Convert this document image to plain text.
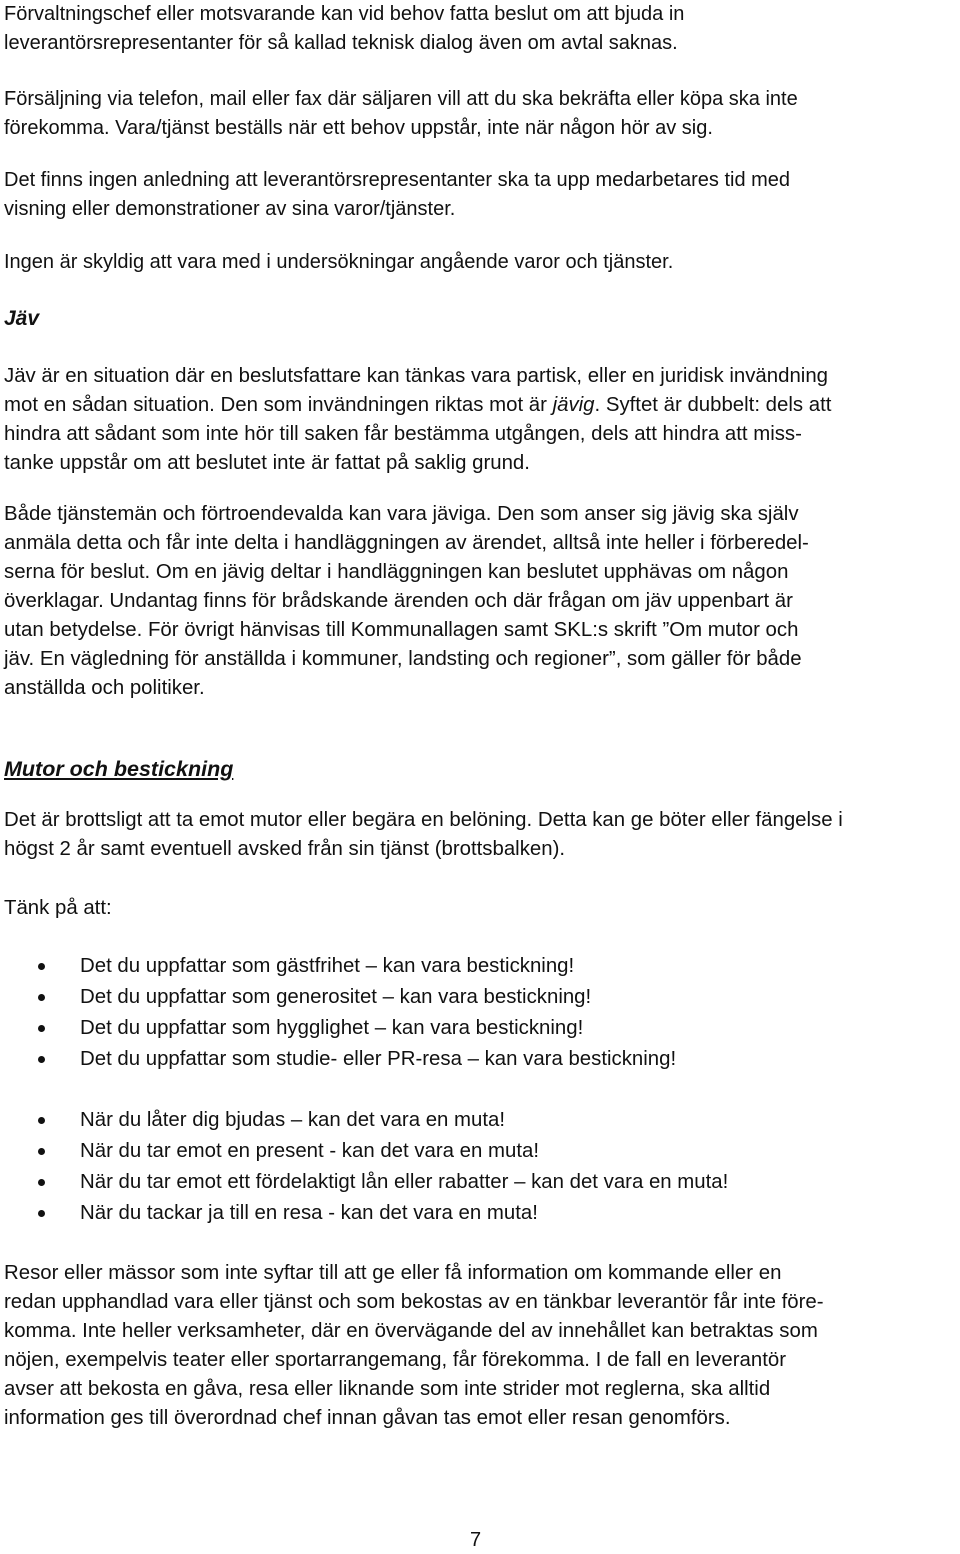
Förvaltningschef eller motsvarande kan vid behov fatta beslut om att bjuda in
leverantörsrepresentanter för så kallad teknisk dialog även om avtal saknas.

Försäljning via telefon, mail eller fax där säljaren vill att du ska bekräfta eller köpa ska inte
förekomma. Vara/tjänst beställs när ett behov uppstår, inte när någon hör av sig.

Det finns ingen anledning att leverantörsrepresentanter ska ta upp medarbetares tid med
visning eller demonstrationer av sina varor/tjänster.

Ingen är skyldig att vara med i undersökningar angående varor och tjänster.

Jäv

Jäv är en situation där en beslutsfattare kan tänkas vara partisk, eller en juridisk invändning
mot en sådan situation. Den som invändningen riktas mot är jävig. Syftet är dubbelt: dels att
hindra att sådant som inte hör till saken får bestämma utgången, dels att hindra att miss-
tanke uppstår om att beslutet inte är fattat på saklig grund.

Både tjänstemän och förtroendevalda kan vara jäviga. Den som anser sig jävig ska själv
anmäla detta och får inte delta i handläggningen av ärendet, alltså inte heller i förberedel-
serna för beslut. Om en jävig deltar i handläggningen kan beslutet upphävas om någon
överklagar. Undantag finns för brådskande ärenden och där frågan om jäv uppenbart är
utan betydelse. För övrigt hänvisas till Kommunallagen samt SKL:s skrift ”Om mutor och
jäv. En vägledning för anställda i kommuner, landsting och regioner”, som gäller för både
anställda och politiker.

Mutor och bestickning

Det är brottsligt att ta emot mutor eller begära en belöning. Detta kan ge böter eller fängelse i
högst 2 år samt eventuell avsked från sin tjänst (brottsbalken).

Tänk på att:

Det du uppfattar som gästfrihet – kan vara bestickning!
Det du uppfattar som generositet – kan vara bestickning!
Det du uppfattar som hygglighet – kan vara bestickning!
Det du uppfattar som studie- eller PR-resa – kan vara bestickning!
När du låter dig bjudas – kan det vara en muta!
När du tar emot en present - kan det vara en muta!
När du tar emot ett fördelaktigt lån eller rabatter – kan det vara en muta!
När du tackar ja till en resa - kan det vara en muta!

Resor eller mässor som inte syftar till att ge eller få information om kommande eller en
redan upphandlad vara eller tjänst och som bekostas av en tänkbar leverantör får inte före-
komma. Inte heller verksamheter, där en övervägande del av innehållet kan betraktas som
nöjen, exempelvis teater eller sportarrangemang, får förekomma. I de fall en leverantör
avser att bekosta en gåva, resa eller liknande som inte strider mot reglerna, ska alltid
information ges till överordnad chef innan gåvan tas emot eller resan genomförs.

7
